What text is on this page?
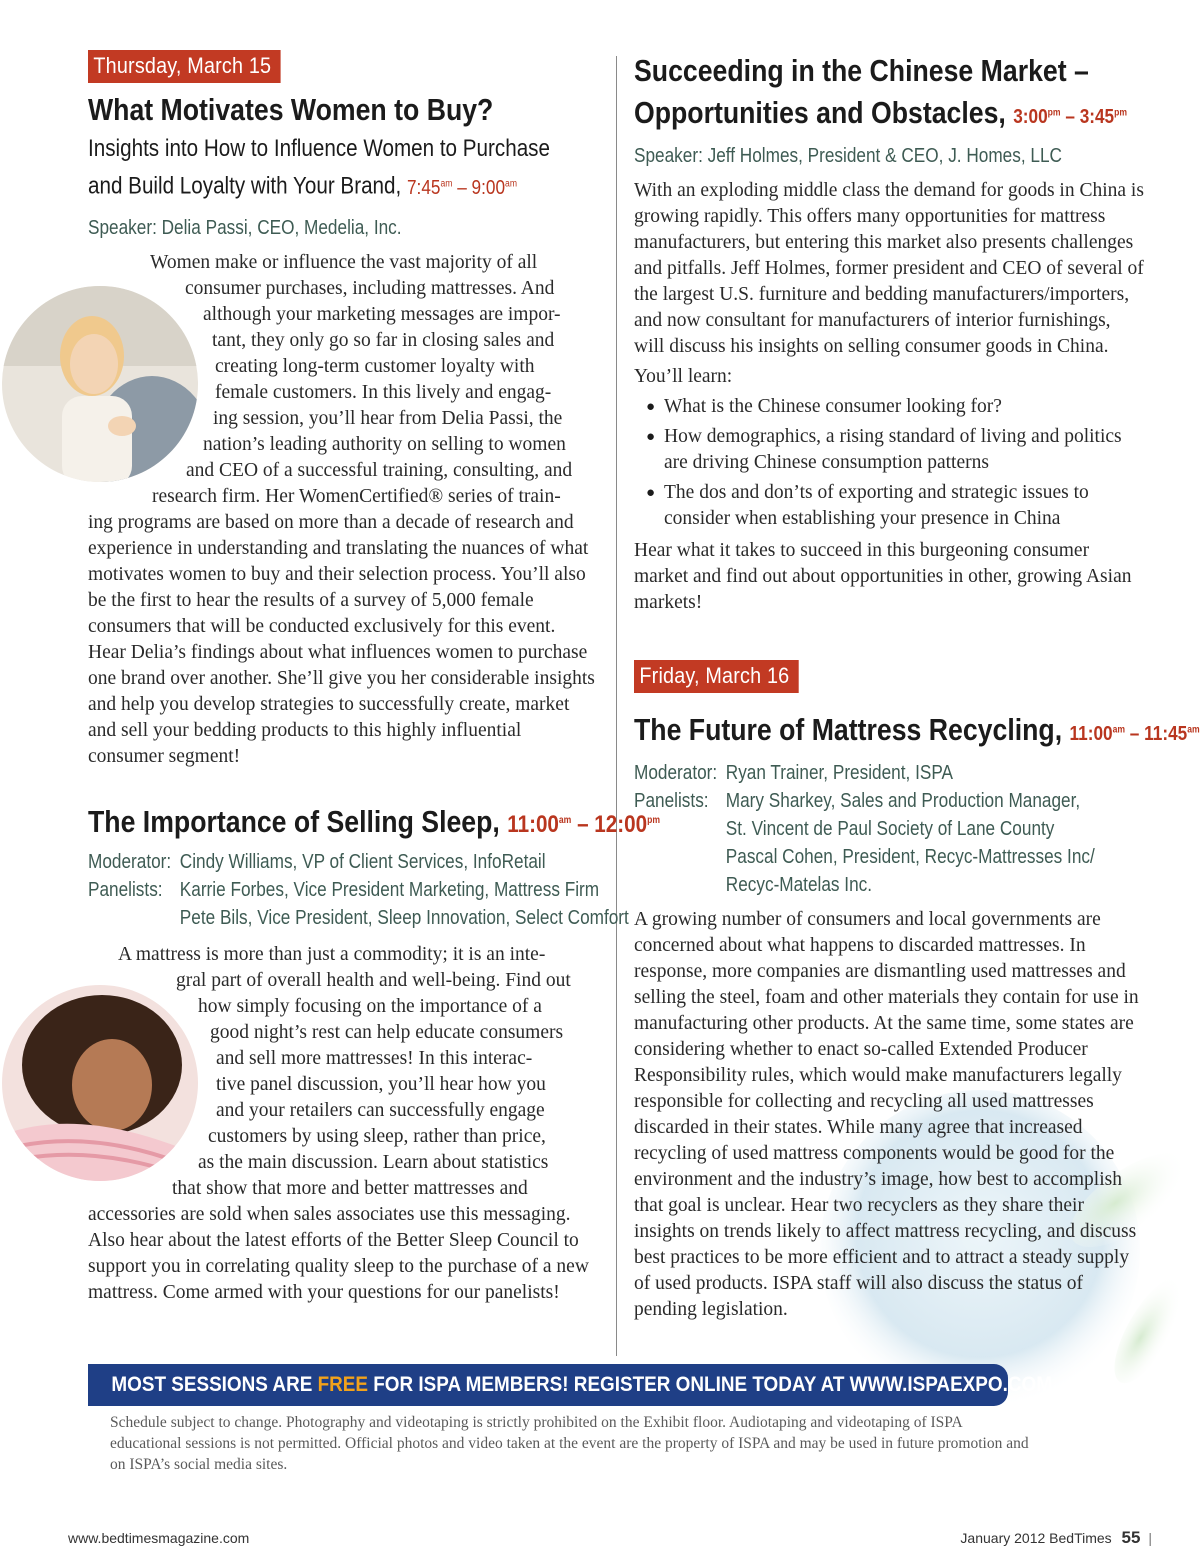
Thursday, March 15
What Motivates Women to Buy?
Insights into How to Influence Women to Purchase
and Build Loyalty with Your Brand, $7:45^{am}$ – $9:00^{am}$
Speaker: Delia Passi, CEO, Medelia, Inc.
Women make or influence the vast majority of all
consumer purchases, including mattresses. And
although your marketing messages are impor-
tant, they only go so far in closing sales and
creating long-term customer loyalty with
female customers. In this lively and engag-
ing session, you’ll hear from Delia Passi, the
nation’s leading authority on selling to women
and CEO of a successful training, consulting, and
research firm. Her WomenCertified® series of train-

ing programs are based on more than a decade of research and experience in understanding and translating the nuances of what motivates women to buy and their selection process. You’ll also be the first to hear the results of a survey of 5,000 female consumers that will be conducted exclusively for this event. Hear Delia’s findings about what influences women to purchase one brand over another. She’ll give you her considerable insights and help you develop strategies to successfully create, market and sell your bedding products to this highly influential consumer segment!

The Importance of Selling Sleep, $11:00^{am}$ – $12:00^{pm}$
Moderator:	Cindy Williams, VP of Client Services, InfoRetail
Panelists:	Karrie Forbes, Vice President Marketing, Mattress Firm
	Pete Bils, Vice President, Sleep Innovation, Select Comfort
A mattress is more than just a commodity; it is an inte-
gral part of overall health and well-being. Find out
how simply focusing on the importance of a
good night’s rest can help educate consumers
and sell more mattresses! In this interac-
tive panel discussion, you’ll hear how you
and your retailers can successfully engage
customers by using sleep, rather than price,
as the main discussion. Learn about statistics
that show that more and better mattresses and

accessories are sold when sales associates use this messaging. Also hear about the latest efforts of the Better Sleep Council to support you in correlating quality sleep to the purchase of a new mattress. Come armed with your questions for our panelists!

Succeeding in the Chinese Market –
Opportunities and Obstacles, $3:00^{pm}$ – $3:45^{pm}$
Speaker: Jeff Holmes, President & CEO, J. Homes, LLC

With an exploding middle class the demand for goods in China is growing rapidly. This offers many opportunities for mattress manufacturers, but entering this market also presents challenges and pitfalls. Jeff Holmes, former president and CEO of several of the largest U.S. furniture and bedding manufacturers/importers, and now consultant for manufacturers of interior furnishings, will discuss his insights on selling consumer goods in China.

You’ll learn:

● What is the Chinese consumer looking for?
● How demographics, a rising standard of living and politics are driving Chinese consumption patterns
● The dos and don’ts of exporting and strategic issues to consider when establishing your presence in China

Hear what it takes to succeed in this burgeoning consumer market and find out about opportunities in other, growing Asian markets!

Friday, March 16
The Future of Mattress Recycling, $11:00^{am}$ – $11:45^{am}$
Moderator:	Ryan Trainer, President, ISPA
Panelists:	Mary Sharkey, Sales and Production Manager,
	St. Vincent de Paul Society of Lane County
	Pascal Cohen, President, Recyc-Mattresses Inc/
	Recyc-Matelas Inc.

A growing number of consumers and local governments are concerned about what happens to discarded mattresses. In response, more companies are dismantling used mattresses and selling the steel, foam and other materials they contain for use in manufacturing other products. At the same time, some states are considering whether to enact so-called Extended Producer Responsibility rules, which would make manufacturers legally responsible for collecting and recycling all used mattresses discarded in their states. While many agree that increased recycling of used mattress components would be good for the environment and the industry’s image, how best to accomplish that goal is unclear. Hear two recyclers as they share their insights on trends likely to affect mattress recycling, and discuss best practices to be more efficient and to attract a steady supply of used products. ISPA staff will also discuss the status of pending legislation.

MOST SESSIONS ARE FREE FOR ISPA MEMBERS! REGISTER ONLINE TODAY AT WWW.ISPAEXPO.COM
Schedule subject to change. Photography and videotaping is strictly prohibited on the Exhibit floor. Audiotaping and videotaping of ISPA educational sessions is not permitted. Official photos and video taken at the event are the property of ISPA and may be used in future promotion and on ISPA’s social media sites.
www.bedtimesmagazine.com	January 2012 BedTimes 55 |
